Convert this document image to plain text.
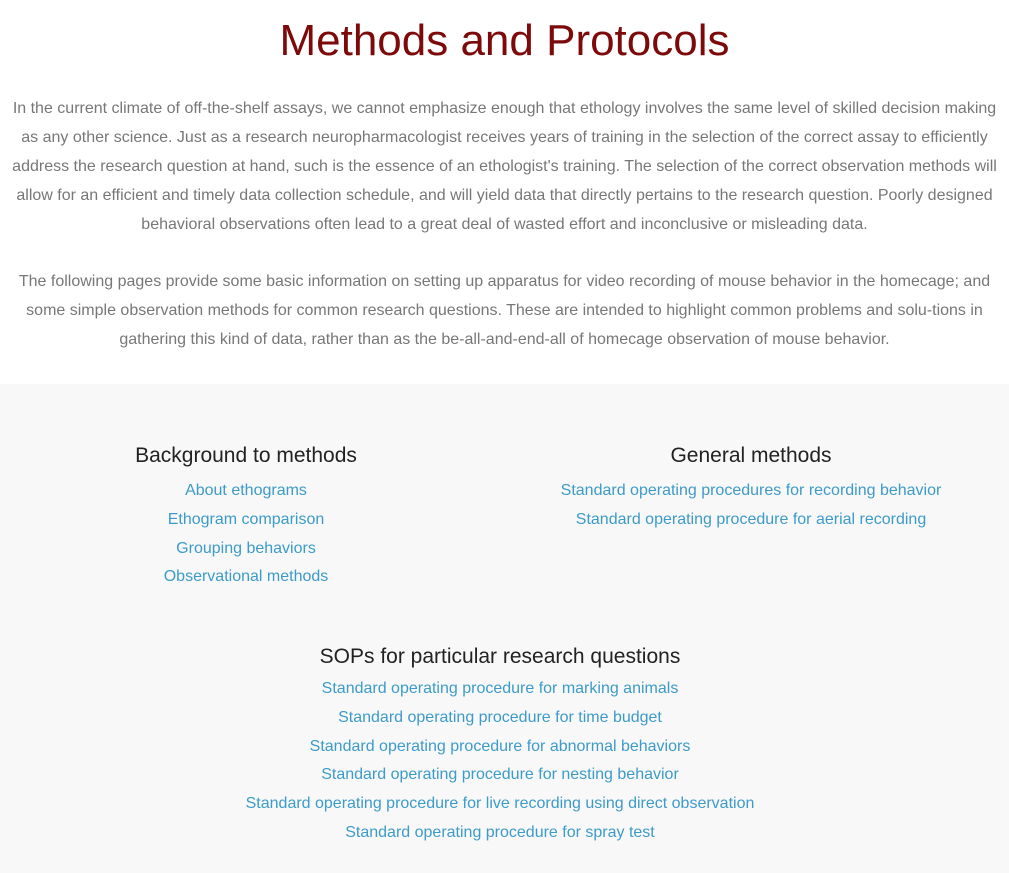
Methods and Protocols

In the current climate of off-the-shelf assays, we cannot emphasize enough that ethology involves the same level of skilled decision making as any other science. Just as a research neuropharmacologist receives years of training in the selection of the correct assay to efficiently address the research question at hand, such is the essence of an ethologist's training. The selection of the correct observation methods will allow for an efficient and timely data collection schedule, and will yield data that directly pertains to the research question. Poorly designed behavioral observations often lead to a great deal of wasted effort and inconclusive or misleading data.

The following pages provide some basic information on setting up apparatus for video recording of mouse behavior in the homecage; and some simple observation methods for common research questions. These are intended to highlight common problems and solu-tions in gathering this kind of data, rather than as the be-all-and-end-all of homecage observation of mouse behavior.

Background to methods
About ethograms
Ethogram comparison
Grouping behaviors
Observational methods
General methods
Standard operating procedures for recording behavior
Standard operating procedure for aerial recording
SOPs for particular research questions
Standard operating procedure for marking animals
Standard operating procedure for time budget
Standard operating procedure for abnormal behaviors
Standard operating procedure for nesting behavior
Standard operating procedure for live recording using direct observation
Standard operating procedure for spray test
